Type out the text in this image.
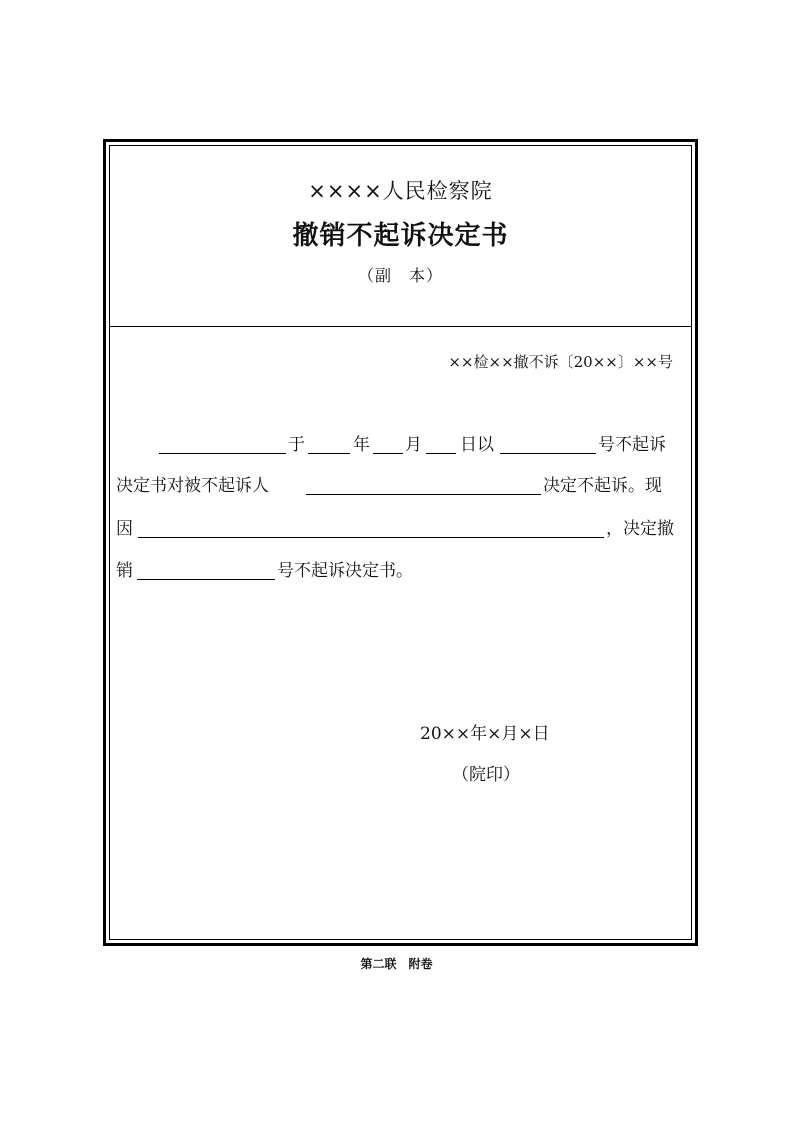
××××人民检察院
撤销不起诉决定书
（副　本）
××检××撤不诉〔20××〕××号
于	年 月 日以	号不起诉
决定书对被不起诉人	决定不起诉。现
因	，决定撤
销	号不起诉决定书。
20××年×月×日
（院印）
第二联　附卷
